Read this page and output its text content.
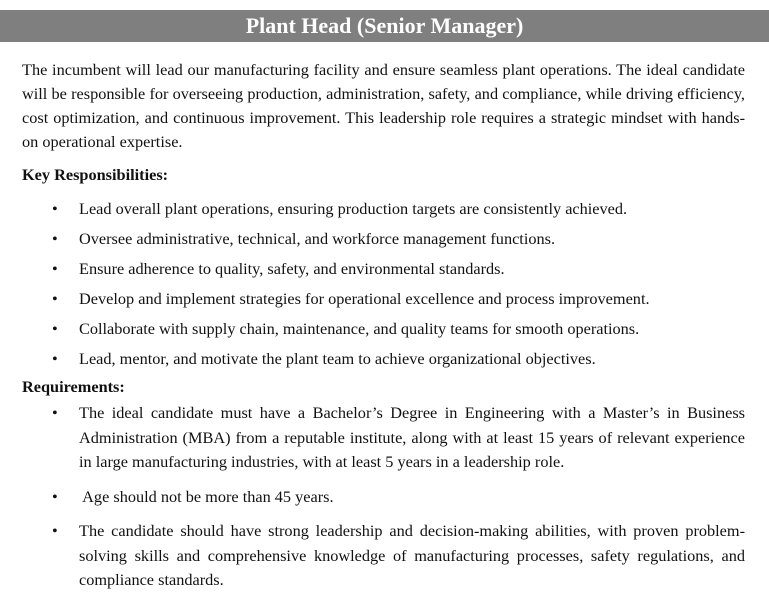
Plant Head (Senior Manager)

The incumbent will lead our manufacturing facility and ensure seamless plant operations. The ideal candidate will be responsible for overseeing production, administration, safety, and compliance, while driving efficiency, cost optimization, and continuous improvement. This leadership role requires a strategic mindset with hands-on operational expertise.

Key Responsibilities:

• Lead overall plant operations, ensuring production targets are consistently achieved.
• Oversee administrative, technical, and workforce management functions.
• Ensure adherence to quality, safety, and environmental standards.
• Develop and implement strategies for operational excellence and process improvement.
• Collaborate with supply chain, maintenance, and quality teams for smooth operations.
• Lead, mentor, and motivate the plant team to achieve organizational objectives.

Requirements:

• The ideal candidate must have a Bachelor’s Degree in Engineering with a Master’s in Business Administration (MBA) from a reputable institute, along with at least 15 years of relevant experience in large manufacturing industries, with at least 5 years in a leadership role.
• Age should not be more than 45 years.
• The candidate should have strong leadership and decision-making abilities, with proven problem-solving skills and comprehensive knowledge of manufacturing processes, safety regulations, and compliance standards.
